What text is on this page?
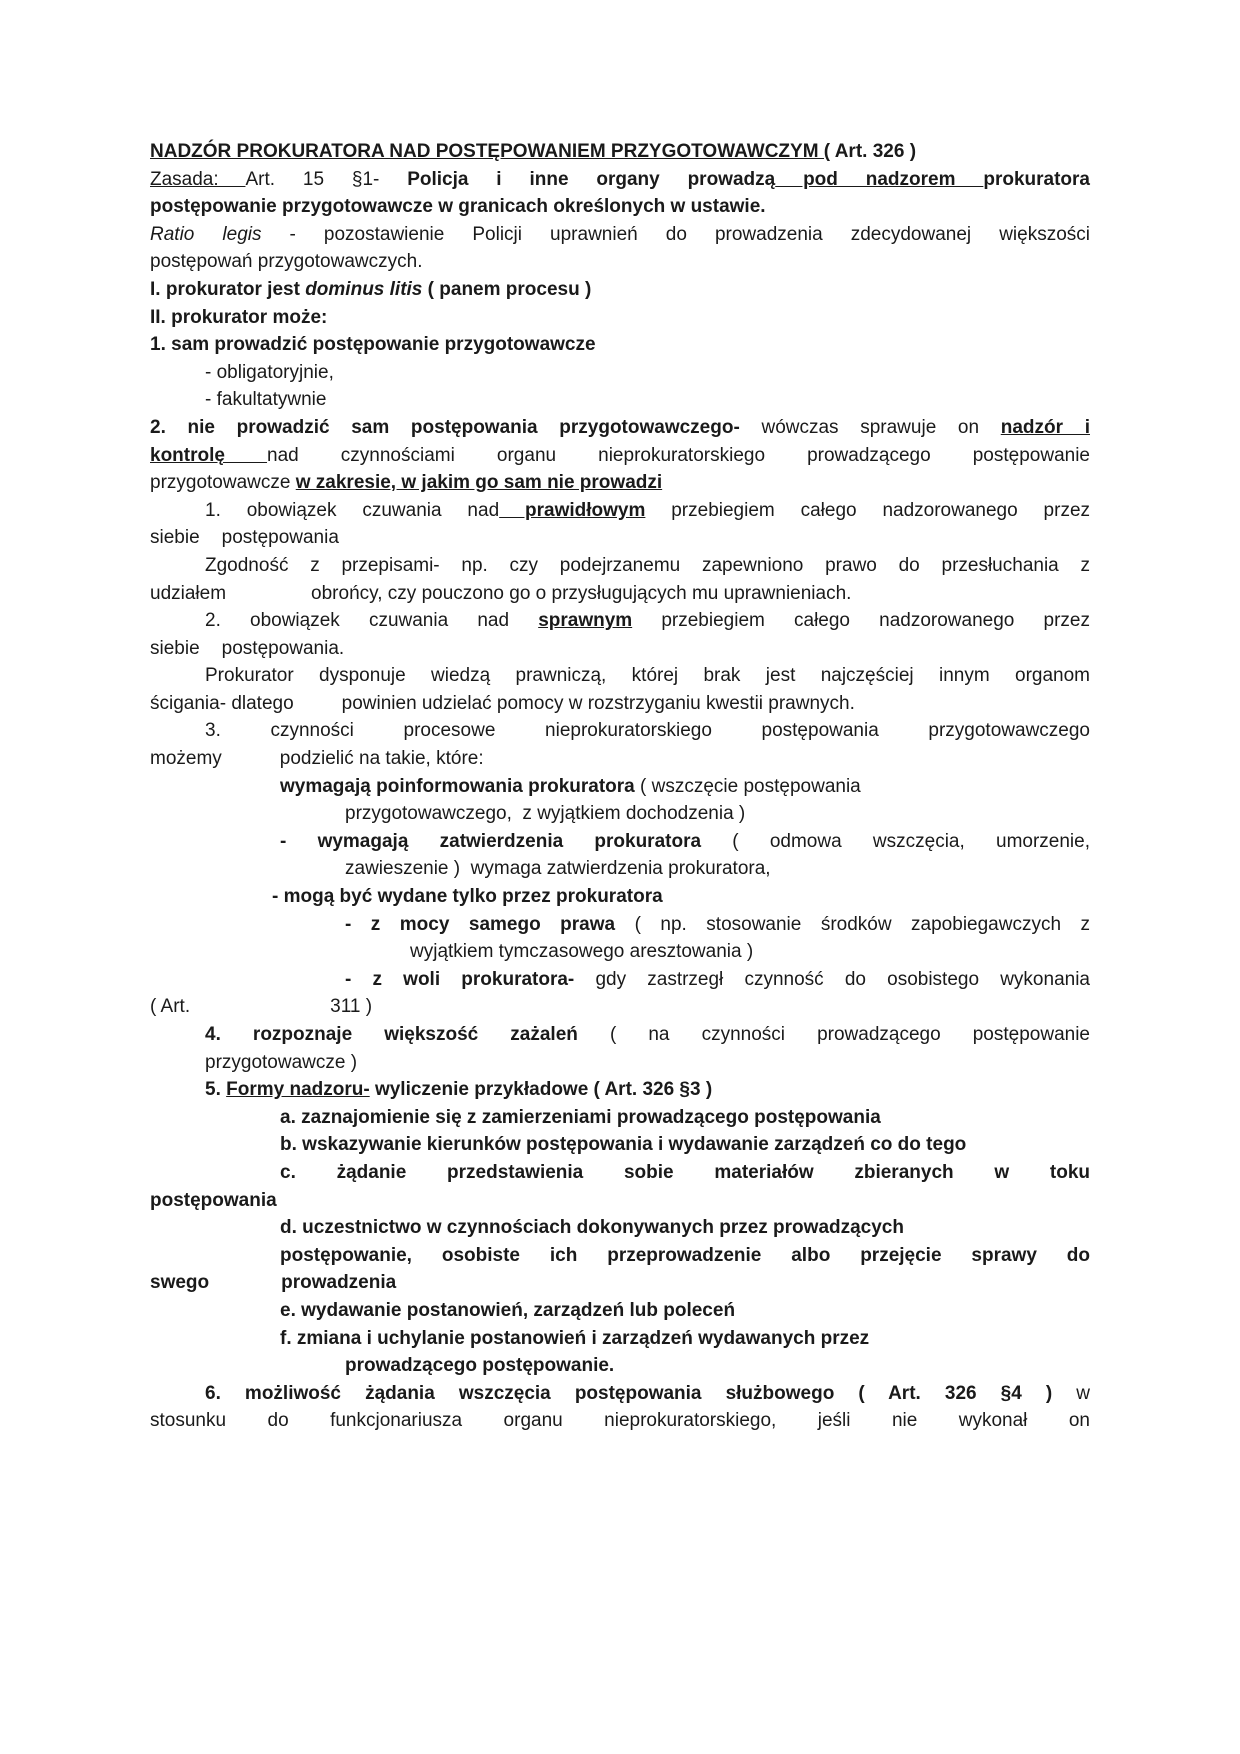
NADZÓR PROKURATORA NAD POSTĘPOWANIEM PRZYGOTOWAWCZYM ( Art. 326 )
Zasada: Art. 15 §1- Policja i inne organy prowadzą pod nadzorem prokuratora
postępowanie przygotowawcze w granicach określonych w ustawie.
Ratio legis - pozostawienie Policji uprawnień do prowadzenia zdecydowanej większości
postępowań przygotowawczych.
I. prokurator jest dominus litis ( panem procesu )
II. prokurator może:
1. sam prowadzić postępowanie przygotowawcze
- obligatoryjnie,
- fakultatywnie
2. nie prowadzić sam postępowania przygotowawczego- wówczas sprawuje on nadzór i
kontrolę nad czynnościami organu nieprokuratorskiego prowadzącego postępowanie
przygotowawcze w zakresie, w jakim go sam nie prowadzi
1. obowiązek czuwania nad prawidłowym przebiegiem całego nadzorowanego przez
siebie postępowania
Zgodność z przepisami- np. czy podejrzanemu zapewniono prawo do przesłuchania z
udziałem	obrońcy, czy pouczono go o przysługujących mu uprawnieniach.
2. obowiązek czuwania nad sprawnym przebiegiem całego nadzorowanego przez
siebie postępowania.
Prokurator dysponuje wiedzą prawniczą, której brak jest najczęściej innym organom
ścigania- dlatego	powinien udzielać pomocy w rozstrzyganiu kwestii prawnych.
3. czynności procesowe nieprokuratorskiego postępowania przygotowawczego
możemy	podzielić na takie, które:
wymagają poinformowania prokuratora ( wszczęcie postępowania
przygotowawczego,  z wyjątkiem dochodzenia )
- wymagają zatwierdzenia prokuratora ( odmowa wszczęcia, umorzenie,
zawieszenie )  wymaga zatwierdzenia prokuratora,
- mogą być wydane tylko przez prokuratora
- z mocy samego prawa ( np. stosowanie środków zapobiegawczych z
wyjątkiem tymczasowego aresztowania )
- z woli prokuratora- gdy zastrzegł czynność do osobistego wykonania
( Art.	311 )
4. rozpoznaje większość zażaleń ( na czynności prowadzącego postępowanie
przygotowawcze )
5. Formy nadzoru- wyliczenie przykładowe ( Art. 326 §3 )
a. zaznajomienie się z zamierzeniami prowadzącego postępowania
b. wskazywanie kierunków postępowania i wydawanie zarządzeń co do tego
c. żądanie przedstawienia sobie materiałów zbieranych w toku
postępowania
d. uczestnictwo w czynnościach dokonywanych przez prowadzących
postępowanie, osobiste ich przeprowadzenie albo przejęcie sprawy do
swego	prowadzenia
e. wydawanie postanowień, zarządzeń lub poleceń
f. zmiana i uchylanie postanowień i zarządzeń wydawanych przez
prowadzącego postępowanie.
6. możliwość żądania wszczęcia postępowania służbowego ( Art. 326 §4 ) w
stosunku do funkcjonariusza organu nieprokuratorskiego, jeśli nie wykonał on
